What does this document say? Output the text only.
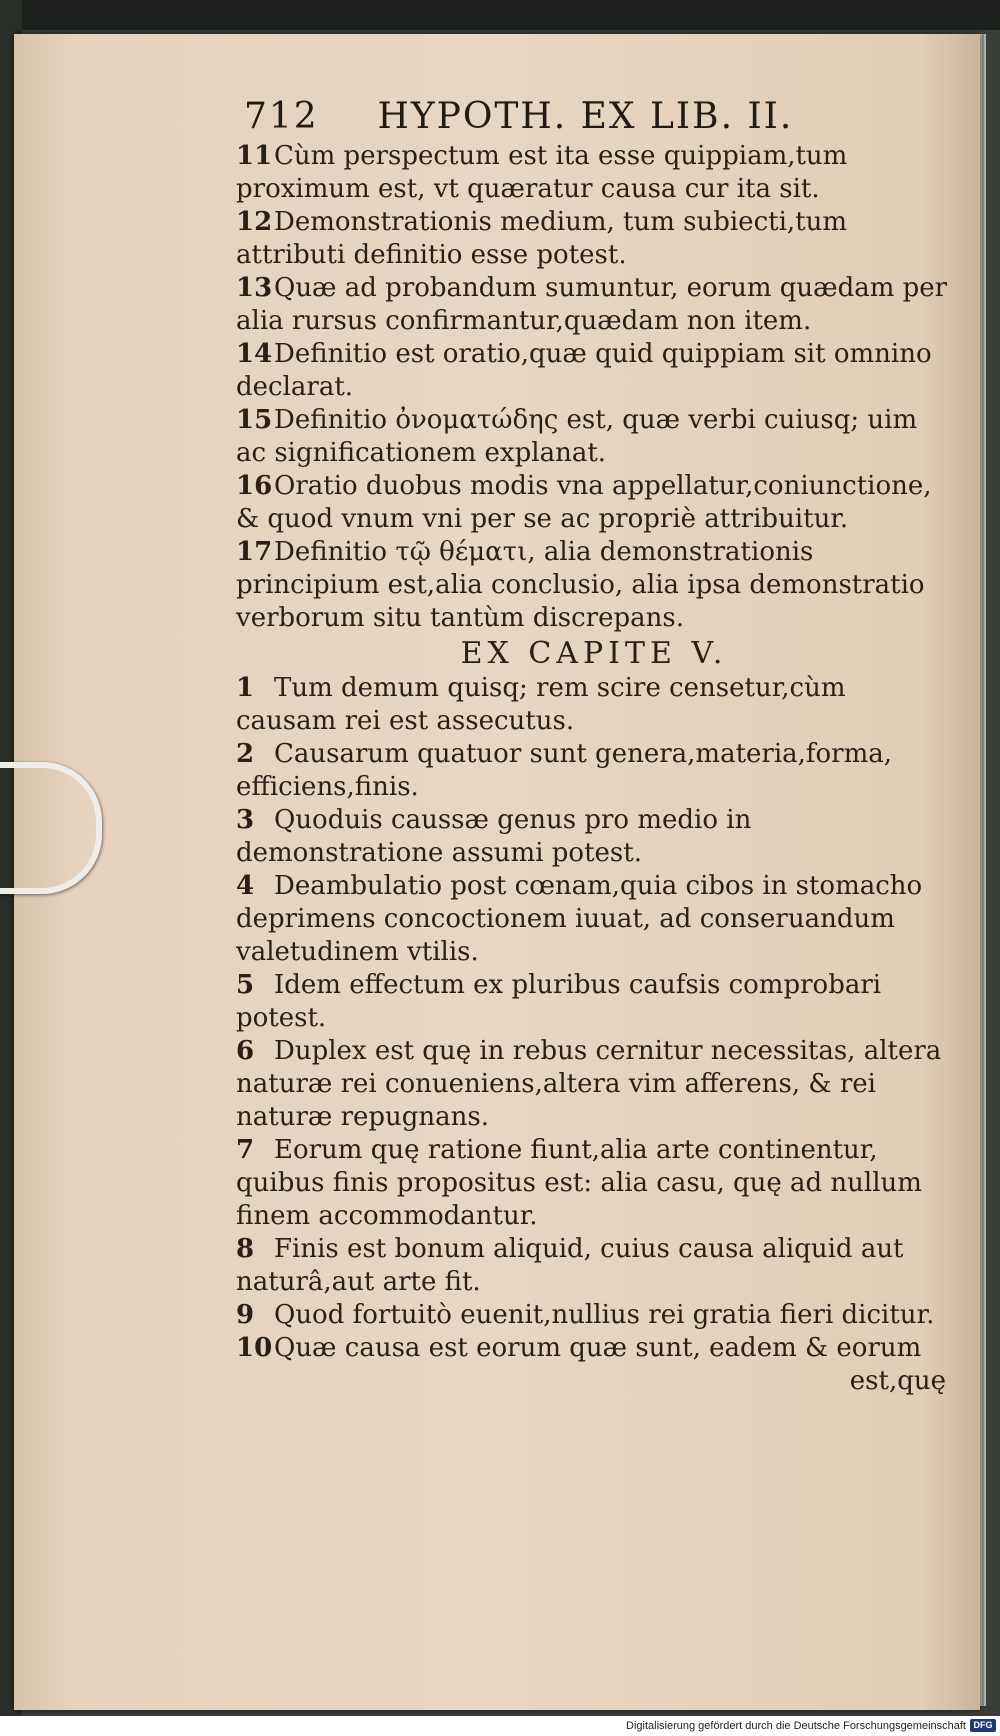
712 HYPOTH. EX LIB. II.

11Cùm perspectum est ita esse quippiam,tum proximum est, vt quæratur causa cur ita sit.

12Demonstrationis medium, tum subiecti,tum attributi definitio esse potest.

13Quæ ad probandum sumuntur, eorum quædam per alia rursus confirmantur,quædam non item.

14Definitio est oratio,quæ quid quippiam sit omnino declarat.

15Definitio ὀνοματώδης est, quæ verbi cuiusq; uim ac significationem explanat.

16Oratio duobus modis vna appellatur,coniunctione, & quod vnum vni per se ac propriè attribuitur.

17Definitio τῷ θέματι, alia demonstrationis principium est,alia conclusio, alia ipsa demonstratio verborum situ tantùm discrepans.

EX CAPITE V.

1 Tum demum quisq; rem scire censetur,cùm causam rei est assecutus.

2 Causarum quatuor sunt genera,materia,forma, efficiens,finis.

3 Quoduis caussæ genus pro medio in demonstratione assumi potest.

4 Deambulatio post cœnam,quia cibos in stomacho deprimens concoctionem iuuat, ad conseruandum valetudinem vtilis.

5 Idem effectum ex pluribus caufsis comprobari potest.

6 Duplex est quę in rebus cernitur necessitas, altera naturæ rei conueniens,altera vim afferens, & rei naturæ repugnans.

7 Eorum quę ratione fiunt,alia arte continentur, quibus finis propositus est: alia casu, quę ad nullum finem accommodantur.

8 Finis est bonum aliquid, cuius causa aliquid aut naturâ,aut arte fit.

9 Quod fortuitò euenit,nullius rei gratia fieri dicitur.

10Quæ causa est eorum quæ sunt, eadem & eorum

est,quę
Digitalisierung gefördert durch die Deutsche Forschungsgemeinschaft DFG
